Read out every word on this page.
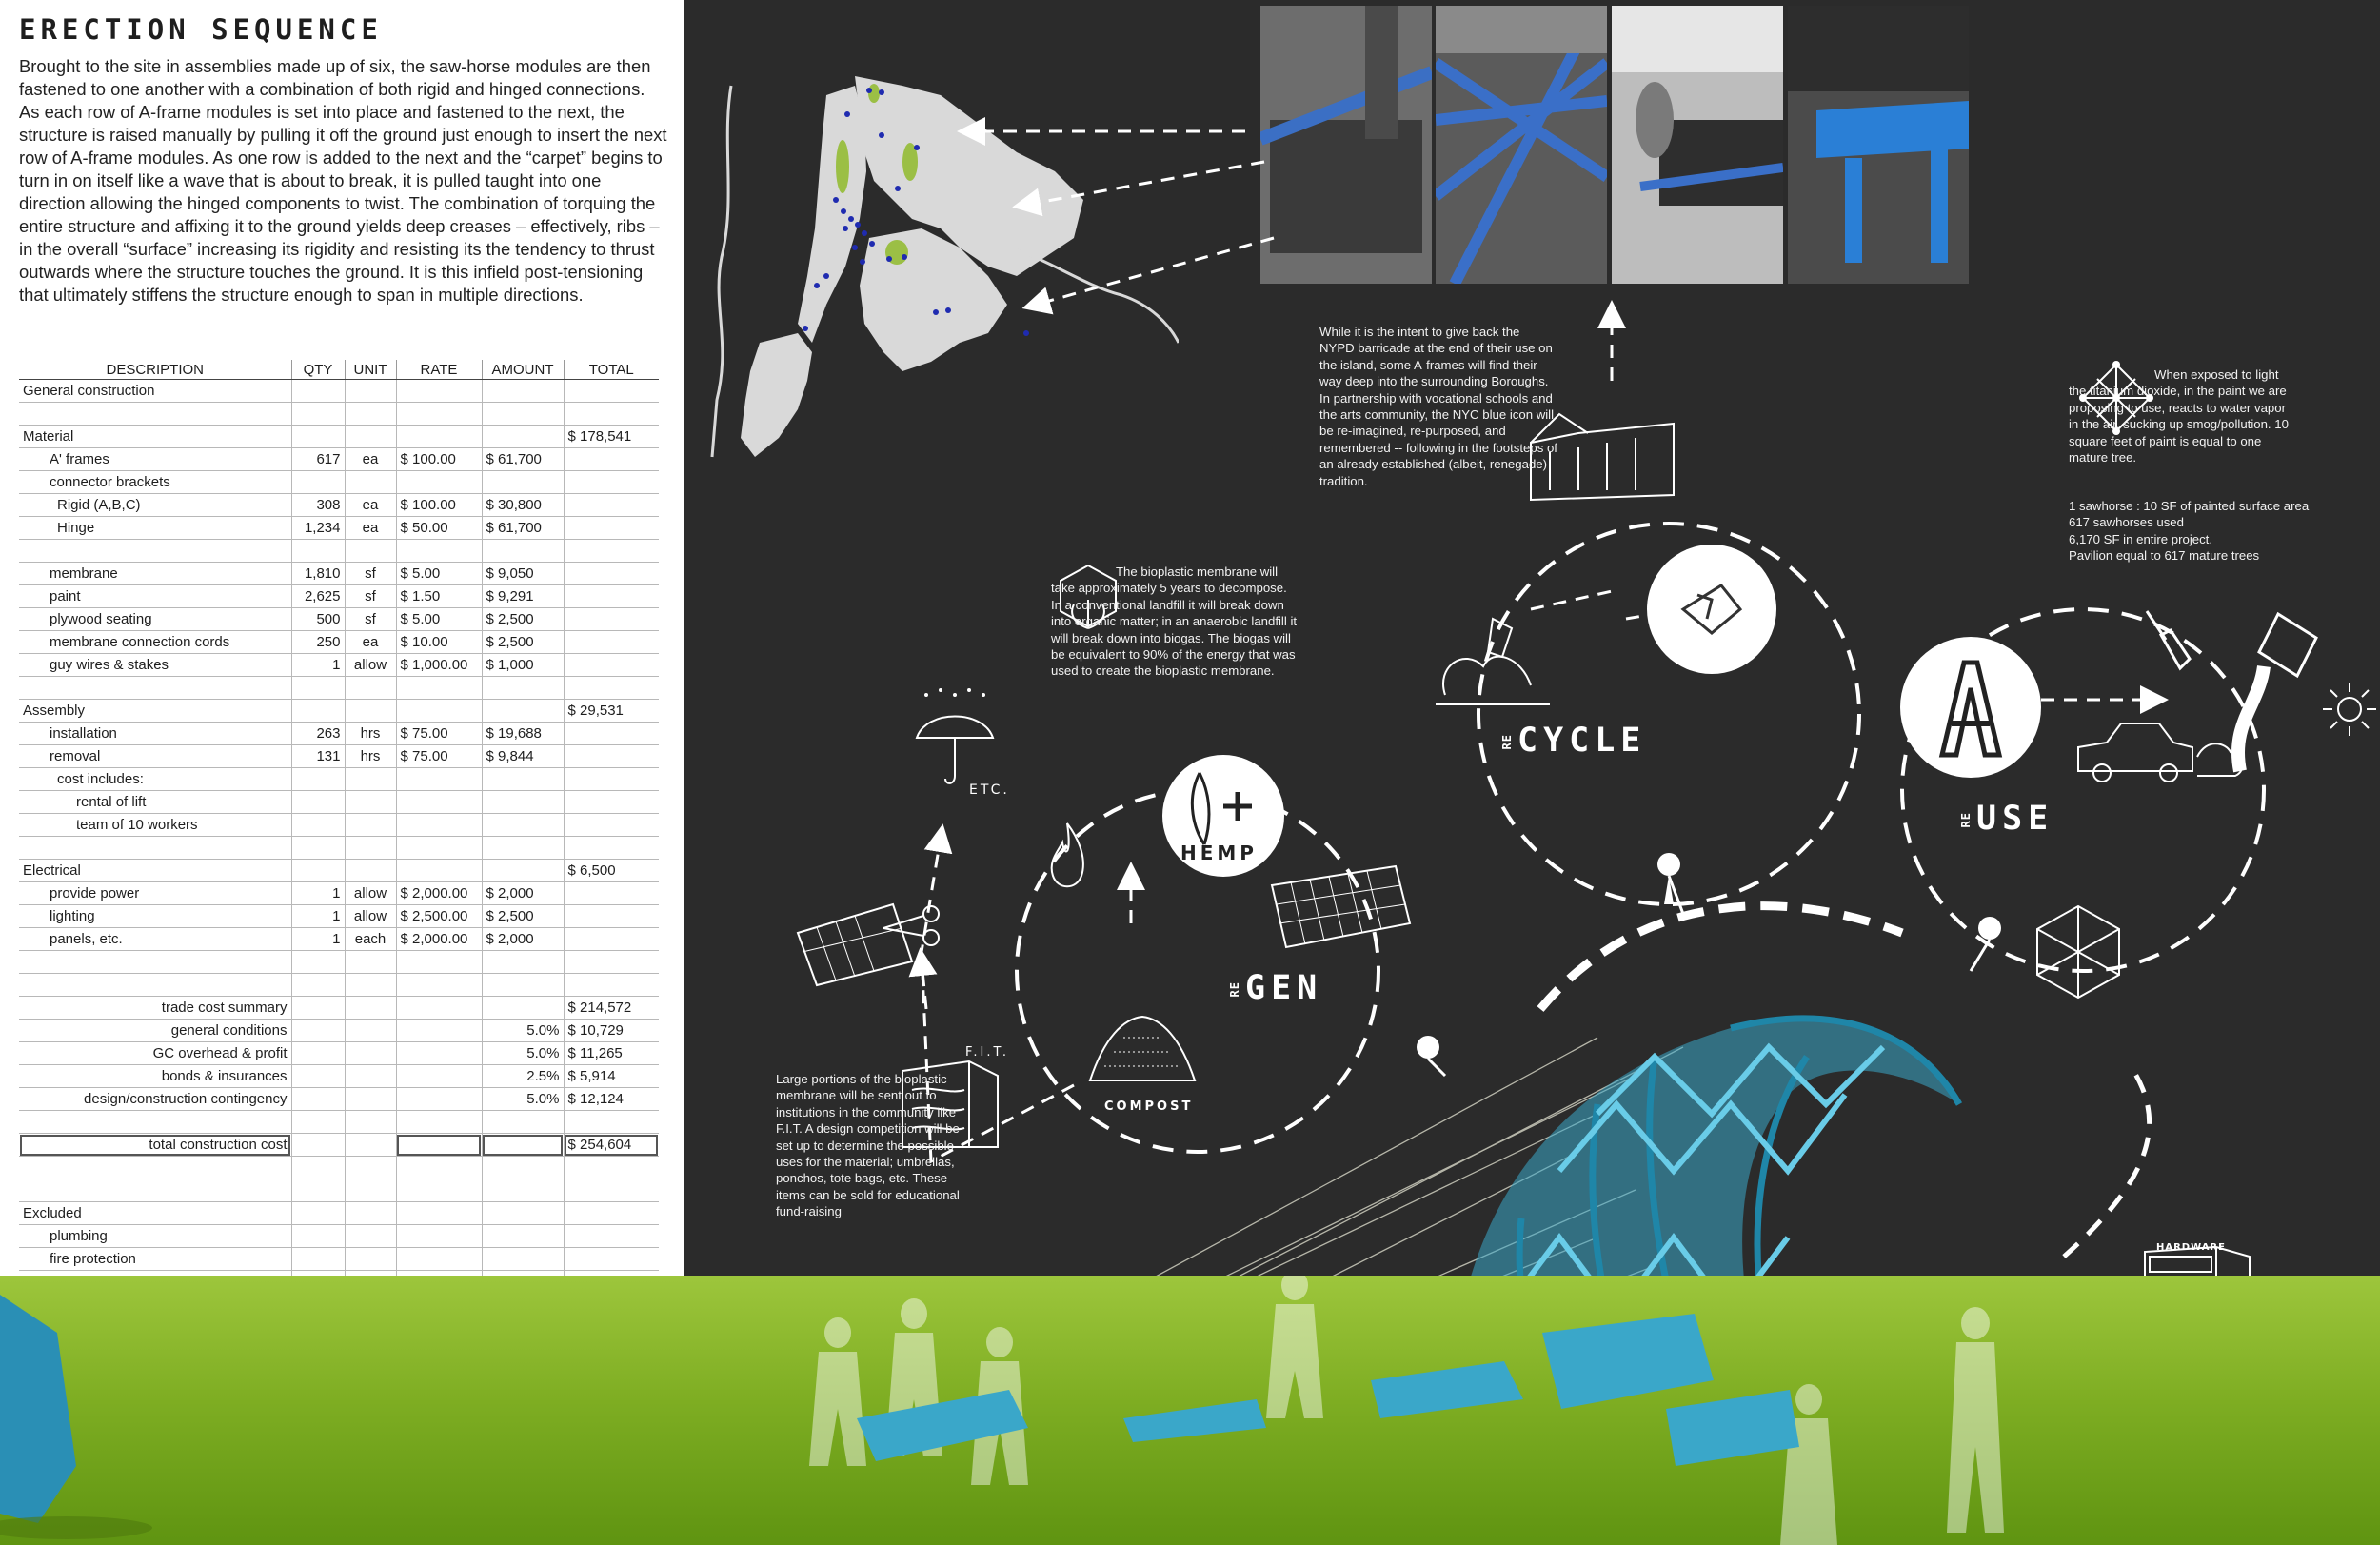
ERECTION SEQUENCE
Brought to the site in assemblies made up of six, the saw-horse modules are then fastened to one another with a combination of both rigid and hinged connections. As each row of A-frame modules is set into place and fastened to the next, the structure is raised manually by pulling it off the ground just enough to insert the next row of A-frame modules. As one row is added to the next and the “carpet” begins to turn in on itself like a wave that is about to break, it is pulled taught into one direction allowing the hinged components to twist. The combination of torquing the entire structure and affixing it to the ground yields deep creases – effectively, ribs – in the overall “surface” increasing its rigidity and resisting its the tendency to thrust outwards where the structure touches the ground. It is this infield post-tensioning that ultimately stiffens the structure enough to span in multiple directions.
DESCRIPTION	QTY	UNIT	RATE	AMOUNT	TOTAL
General construction					

Material					$ 178,541
A' frames	617	ea	$ 100.00	$ 61,700	
connector brackets					
Rigid (A,B,C)	308	ea	$ 100.00	$ 30,800	
Hinge	1,234	ea	$ 50.00	$ 61,700	

membrane	1,810	sf	$ 5.00	$ 9,050	
paint	2,625	sf	$ 1.50	$ 9,291	
plywood seating	500	sf	$ 5.00	$ 2,500	
membrane connection cords	250	ea	$ 10.00	$ 2,500	
guy wires & stakes	1	allow	$ 1,000.00	$ 1,000	

Assembly					$ 29,531
installation	263	hrs	$ 75.00	$ 19,688	
removal	131	hrs	$ 75.00	$ 9,844	
cost includes:					
rental of lift					
team of 10 workers					

Electrical					$ 6,500
provide power	1	allow	$ 2,000.00	$ 2,000	
lighting	1	allow	$ 2,500.00	$ 2,500	
panels, etc.	1	each	$ 2,000.00	$ 2,000	

trade cost summary					$ 214,572
general conditions				5.0%	$ 10,729
GC overhead & profit				5.0%	$ 11,265
bonds & insurances				2.5%	$ 5,914
design/construction contingency				5.0%	$ 12,124

total construction cost					$ 254,604

Excluded					
plumbing					
fire protection					

While it is the intent to give back the NYPD barricade at the end of their use on the island, some A-frames will find their way deep into the surrounding Boroughs. In partnership with vocational schools and the arts community, the NYC blue icon will be re-imagined, re-purposed, and remembered -- following in the footsteps of an already established (albeit, renegade) tradition.
The bioplastic membrane will take approximately 5 years to decompose. In a conventional landfill it will break down into organic matter; in an anaerobic landfill it will break down into biogas. The biogas will be equivalent to 90% of the energy that was used to create the bioplastic membrane.
When exposed to light the titanium dioxide, in the paint we are proposing to use, reacts to water vapor in the air, sucking up smog/pollution. 10 square feet of paint is equal to one mature tree.
1 sawhorse : 10 SF of painted surface area
617 sawhorses used
6,170 SF in entire project.
Pavilion equal to 617 mature trees
Large portions of the bioplastic membrane will be sent out to institutions in the community like F.I.T. A design competition will be set up to determine the possible uses for the material; umbrellas, ponchos, tote bags, etc. These items can be sold for educational fund-raising
RE CYCLE
RE USE
RE GEN
HEMP
ETC.
COMPOST
F.I.T.
HARDWARE
